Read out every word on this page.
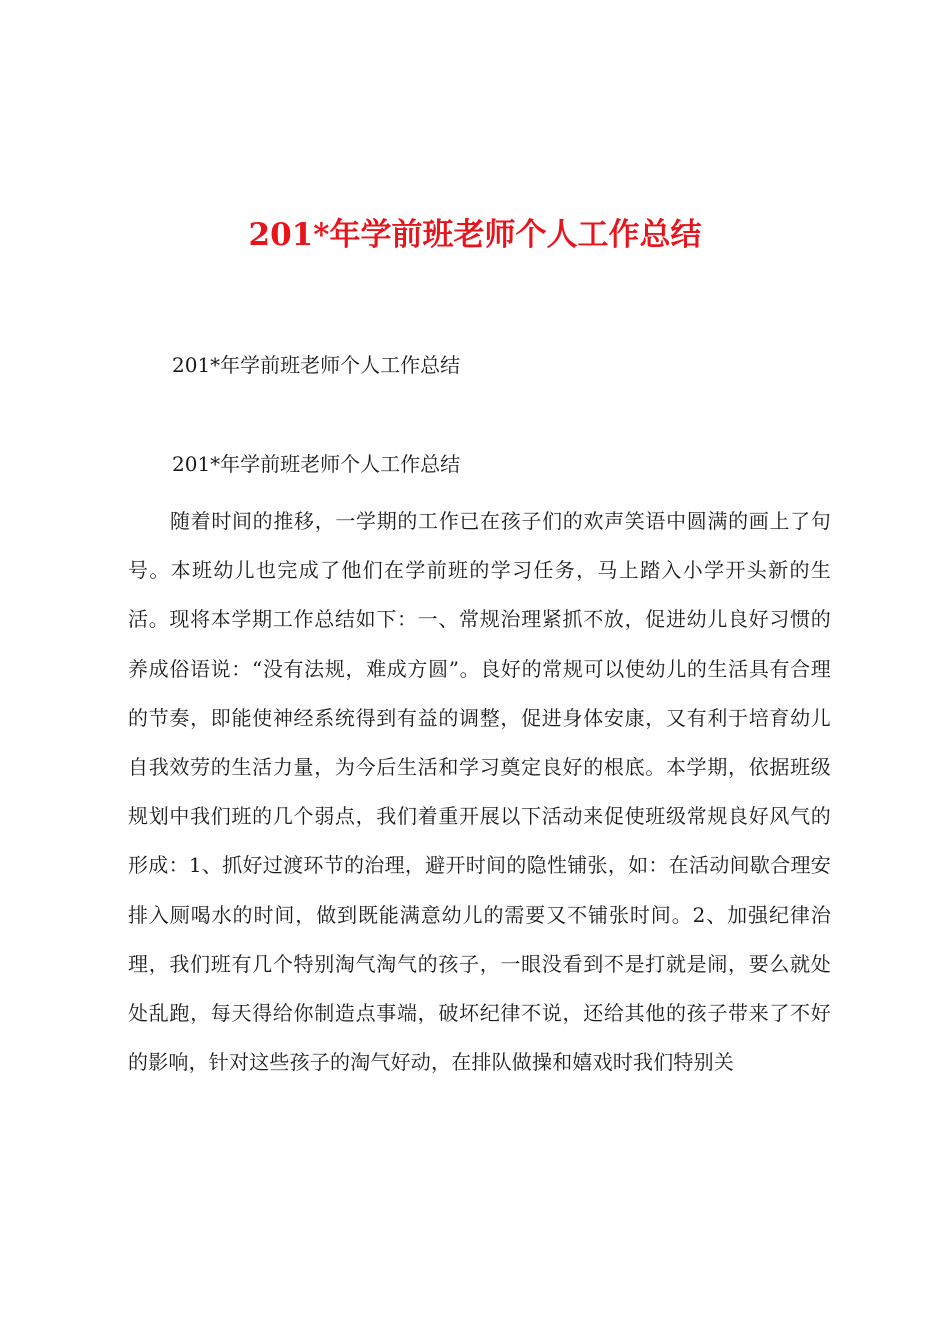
201*年学前班老师个人工作总结

201*年学前班老师个人工作总结

201*年学前班老师个人工作总结

随着时间的推移，一学期的工作已在孩子们的欢声笑语中圆满的画上了句号。本班幼儿也完成了他们在学前班的学习任务，马上踏入小学开头新的生活。现将本学期工作总结如下：一、常规治理紧抓不放，促进幼儿良好习惯的养成俗语说：“没有法规，难成方圆”。良好的常规可以使幼儿的生活具有合理的节奏，即能使神经系统得到有益的调整，促进身体安康，又有利于培育幼儿自我效劳的生活力量，为今后生活和学习奠定良好的根底。本学期，依据班级规划中我们班的几个弱点，我们着重开展以下活动来促使班级常规良好风气的形成：1、抓好过渡环节的治理，避开时间的隐性铺张，如：在活动间歇合理安排入厕喝水的时间，做到既能满意幼儿的需要又不铺张时间。2、加强纪律治理，我们班有几个特别淘气淘气的孩子，一眼没看到不是打就是闹，要么就处处乱跑，每天得给你制造点事端，破坏纪律不说，还给其他的孩子带来了不好的影响，针对这些孩子的淘气好动，在排队做操和嬉戏时我们特别关
